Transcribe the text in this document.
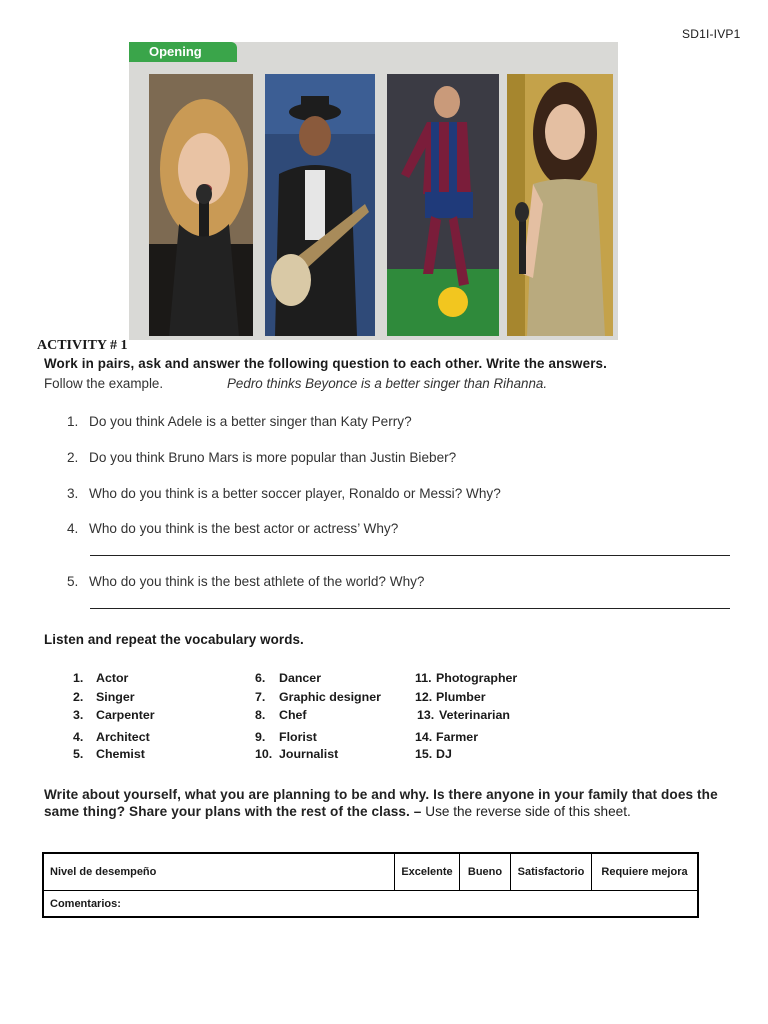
SD1I-IVP1
Opening
ACTIVITY # 1
Work in pairs, ask and answer the following question to each other. Write the answers.
Follow the example.	Pedro thinks Beyonce is a better singer than Rihanna.
1. Do you think Adele is a better singer than Katy Perry?
2. Do you think Bruno Mars is more popular than Justin Bieber?
3. Who do you think is a better soccer player, Ronaldo or Messi? Why?
4. Who do you think is the best actor or actress’ Why?
5. Who do you think is the best athlete of the world? Why?
Listen and repeat the vocabulary words.
1. Actor
2. Singer
3. Carpenter
4. Architect
5. Chemist
6. Dancer
7. Graphic designer
8. Chef
9. Florist
10. Journalist
11. Photographer
12. Plumber
13. Veterinarian
14. Farmer
15. DJ
Write about yourself, what you are planning to be and why. Is there anyone in your family that does the same thing? Share your plans with the rest of the class. – Use the reverse side of this sheet.
Nivel de desempeño	Excelente	Bueno	Satisfactorio	Requiere mejora
Comentarios:
